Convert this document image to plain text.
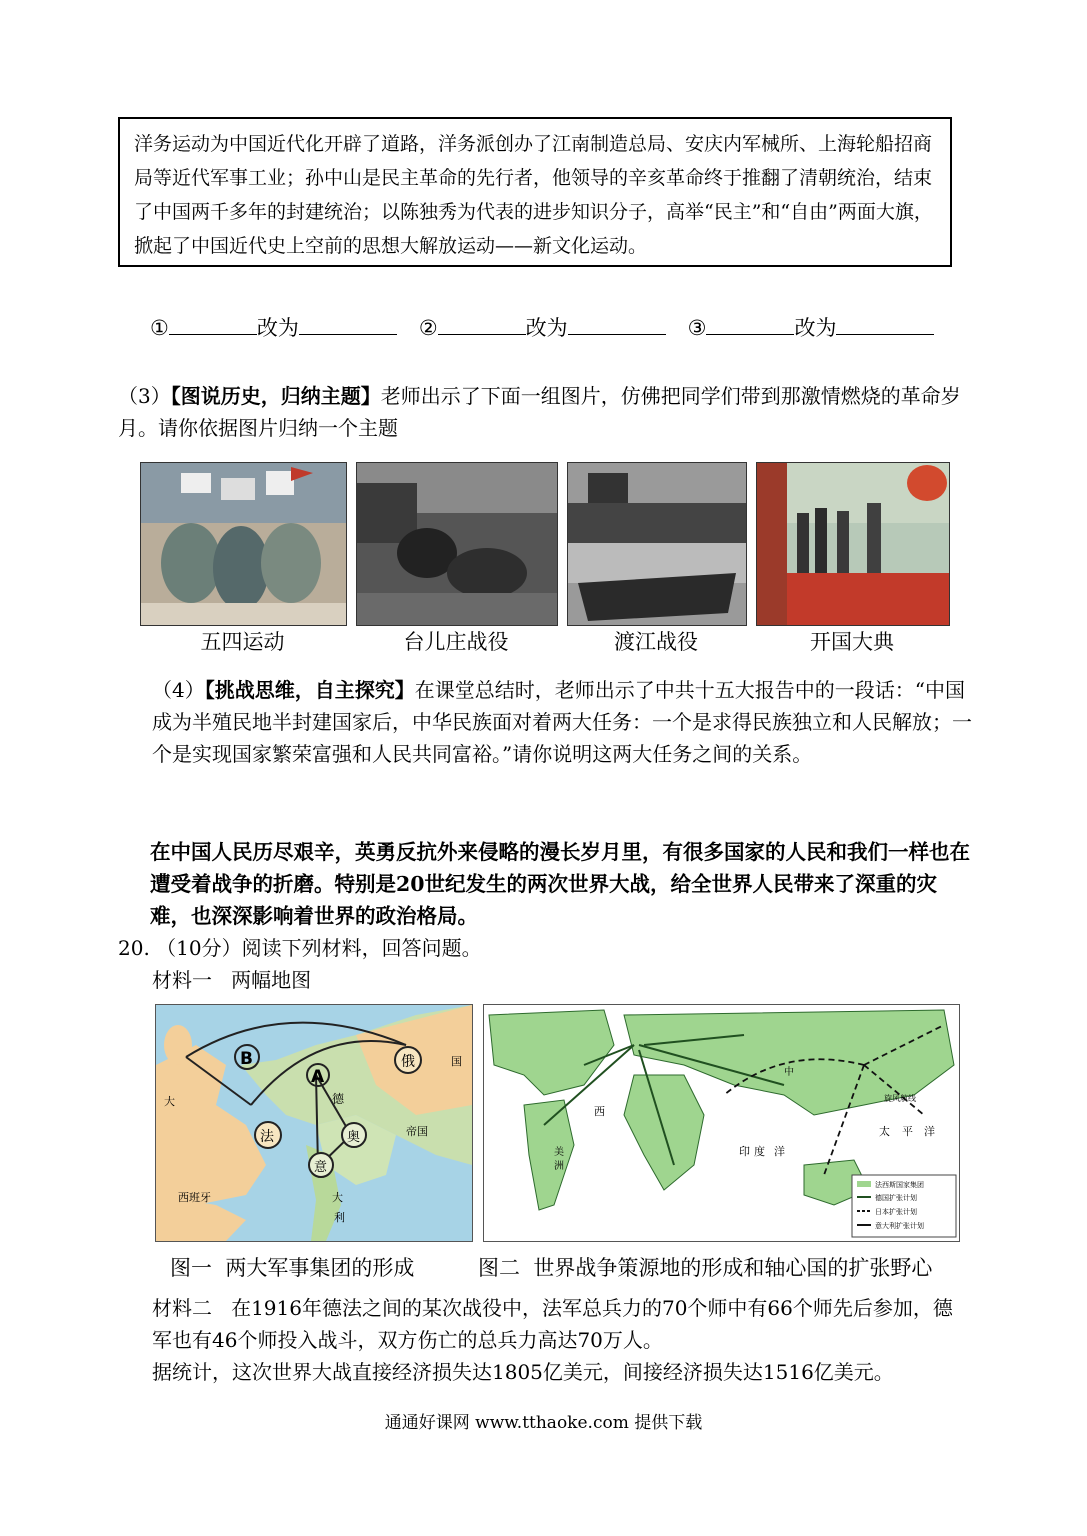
洋务运动为中国近代化开辟了道路，洋务派创办了江南制造总局、安庆内军械所、上海轮船招商局等近代军事工业；孙中山是民主革命的先行者，他领导的辛亥革命终于推翻了清朝统治，结束了中国两千多年的封建统治；以陈独秀为代表的进步知识分子，高举“民主”和“自由”两面大旗，掀起了中国近代史上空前的思想大解放运动——新文化运动。
①	改为	②	改为	③	改为
（3）【图说历史，归纳主题】老师出示了下面一组图片，仿佛把同学们带到那激情燃烧的革命岁月。请你依据图片归纳一个主题
五四运动	台儿庄战役	渡江战役	开国大典
（4）【挑战思维，自主探究】在课堂总结时，老师出示了中共十五大报告中的一段话：“中国成为半殖民地半封建国家后，中华民族面对着两大任务：一个是求得民族独立和人民解放；一个是实现国家繁荣富强和人民共同富裕。”请你说明这两大任务之间的关系。
在中国人民历尽艰辛，英勇反抗外来侵略的漫长岁月里，有很多国家的人民和我们一样也在遭受着战争的折磨。特别是20世纪发生的两次世界大战，给全世界人民带来了深重的灾难，也深深影响着世界的政治格局。
20. （10分）阅读下列材料，回答问题。
材料一 两幅地图
B
A
法	奥
意
俄
德
国
帝国
大
利
西班牙
大
中
西
印 度 洋
太 平 洋
美
洲
旋风航线
法西斯国家集团
德国扩张计划
日本扩张计划
意大利扩张计划
图一 两大军事集团的形成	图二 世界战争策源地的形成和轴心国的扩张野心
材料二 在1916年德法之间的某次战役中，法军总兵力的70个师中有66个师先后参加，德军也有46个师投入战斗，双方伤亡的总兵力高达70万人。
据统计，这次世界大战直接经济损失达1805亿美元，间接经济损失达1516亿美元。
通通好课网 www.tthaoke.com 提供下载
